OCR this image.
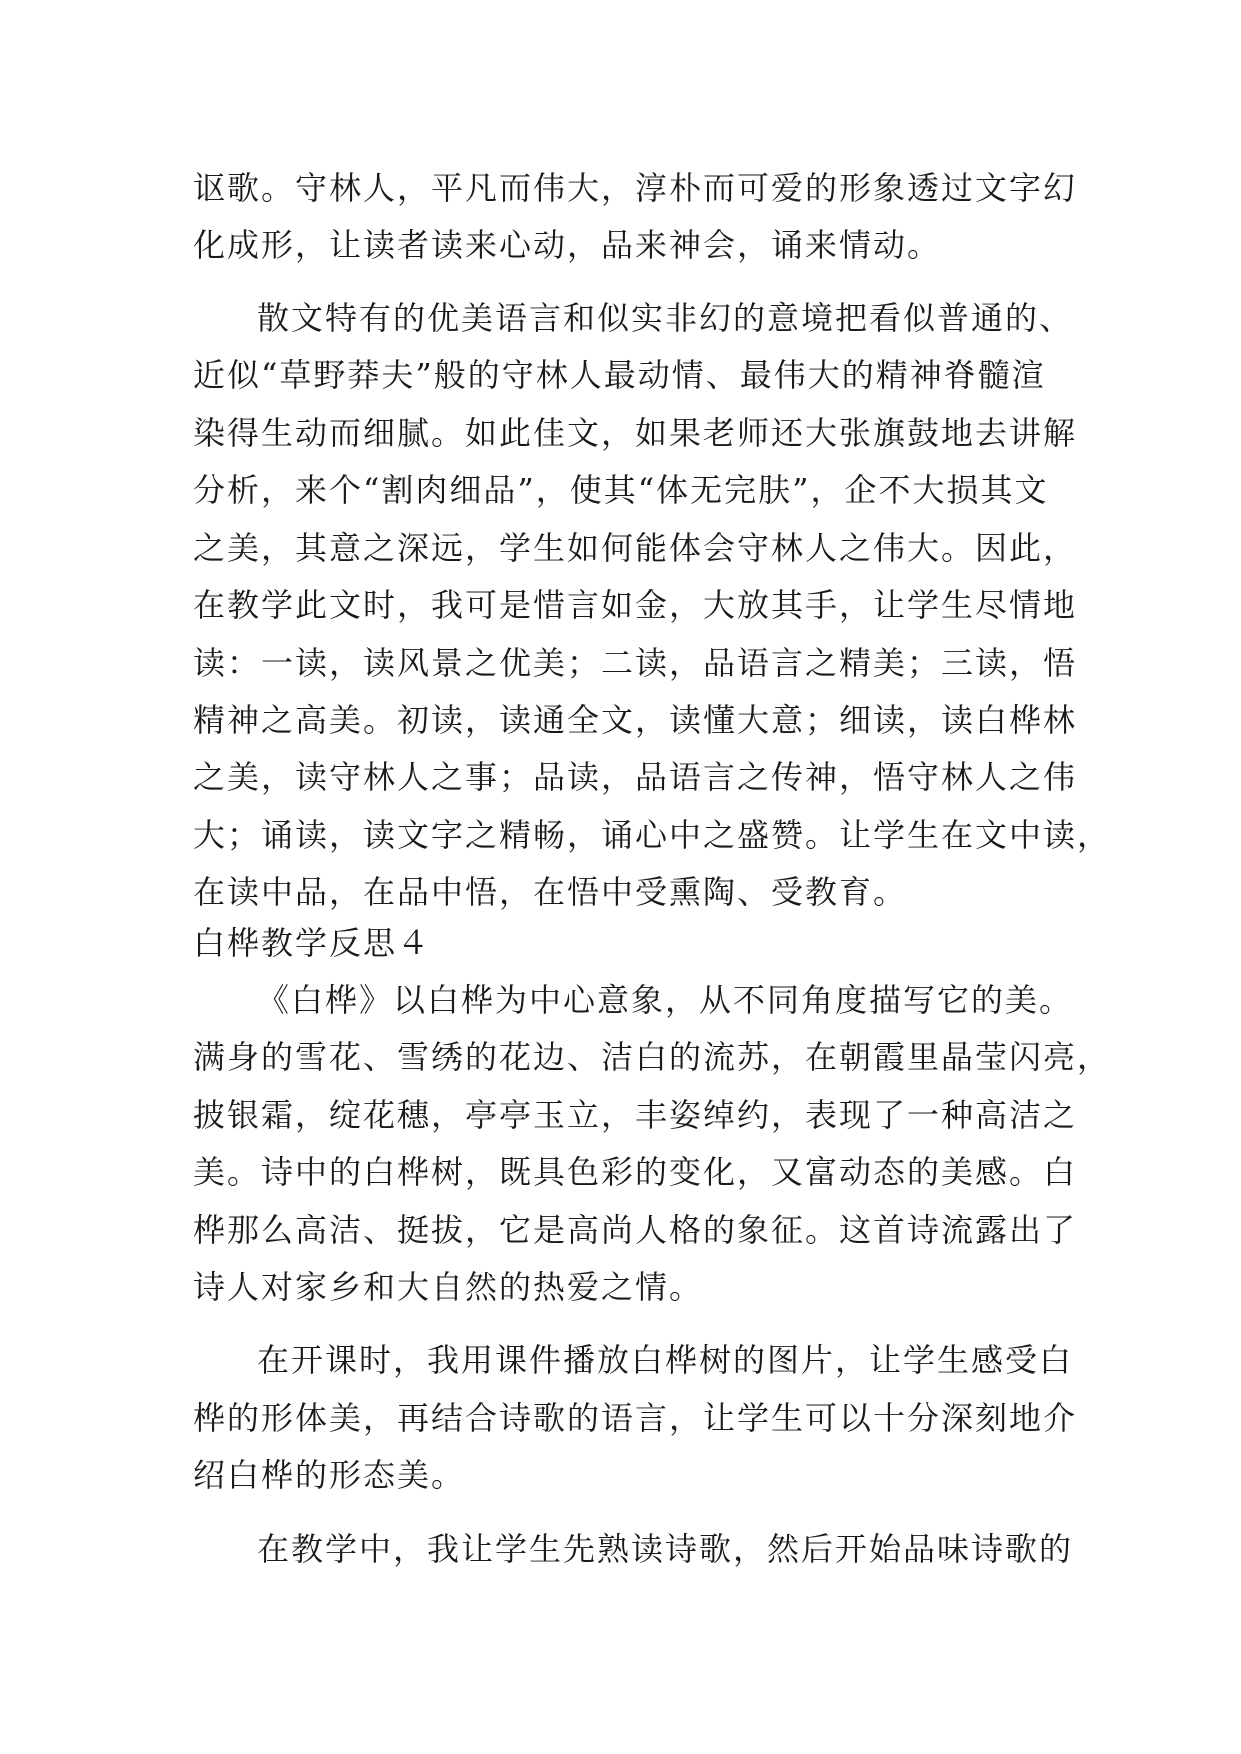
讴歌。守林人，平凡而伟大，淳朴而可爱的形象透过文字幻
化成形，让读者读来心动，品来神会，诵来情动。
散文特有的优美语言和似实非幻的意境把看似普通的、
近似“草野莽夫”般的守林人最动情、最伟大的精神脊髓渲
染得生动而细腻。如此佳文，如果老师还大张旗鼓地去讲解
分析，来个“割肉细品”，使其“体无完肤”，企不大损其文
之美，其意之深远，学生如何能体会守林人之伟大。因此，
在教学此文时，我可是惜言如金，大放其手，让学生尽情地
读：一读，读风景之优美；二读，品语言之精美；三读，悟
精神之高美。初读，读通全文，读懂大意；细读，读白桦林
之美，读守林人之事；品读，品语言之传神，悟守林人之伟
大；诵读，读文字之精畅，诵心中之盛赞。让学生在文中读，
在读中品，在品中悟，在悟中受熏陶、受教育。
白桦教学反思４
《白桦》以白桦为中心意象，从不同角度描写它的美。
满身的雪花、雪绣的花边、洁白的流苏，在朝霞里晶莹闪亮，
披银霜，绽花穗，亭亭玉立，丰姿绰约，表现了一种高洁之
美。诗中的白桦树，既具色彩的变化，又富动态的美感。白
桦那么高洁、挺拔，它是高尚人格的象征。这首诗流露出了
诗人对家乡和大自然的热爱之情。
在开课时，我用课件播放白桦树的图片，让学生感受白
桦的形体美，再结合诗歌的语言，让学生可以十分深刻地介
绍白桦的形态美。
在教学中，我让学生先熟读诗歌，然后开始品味诗歌的
